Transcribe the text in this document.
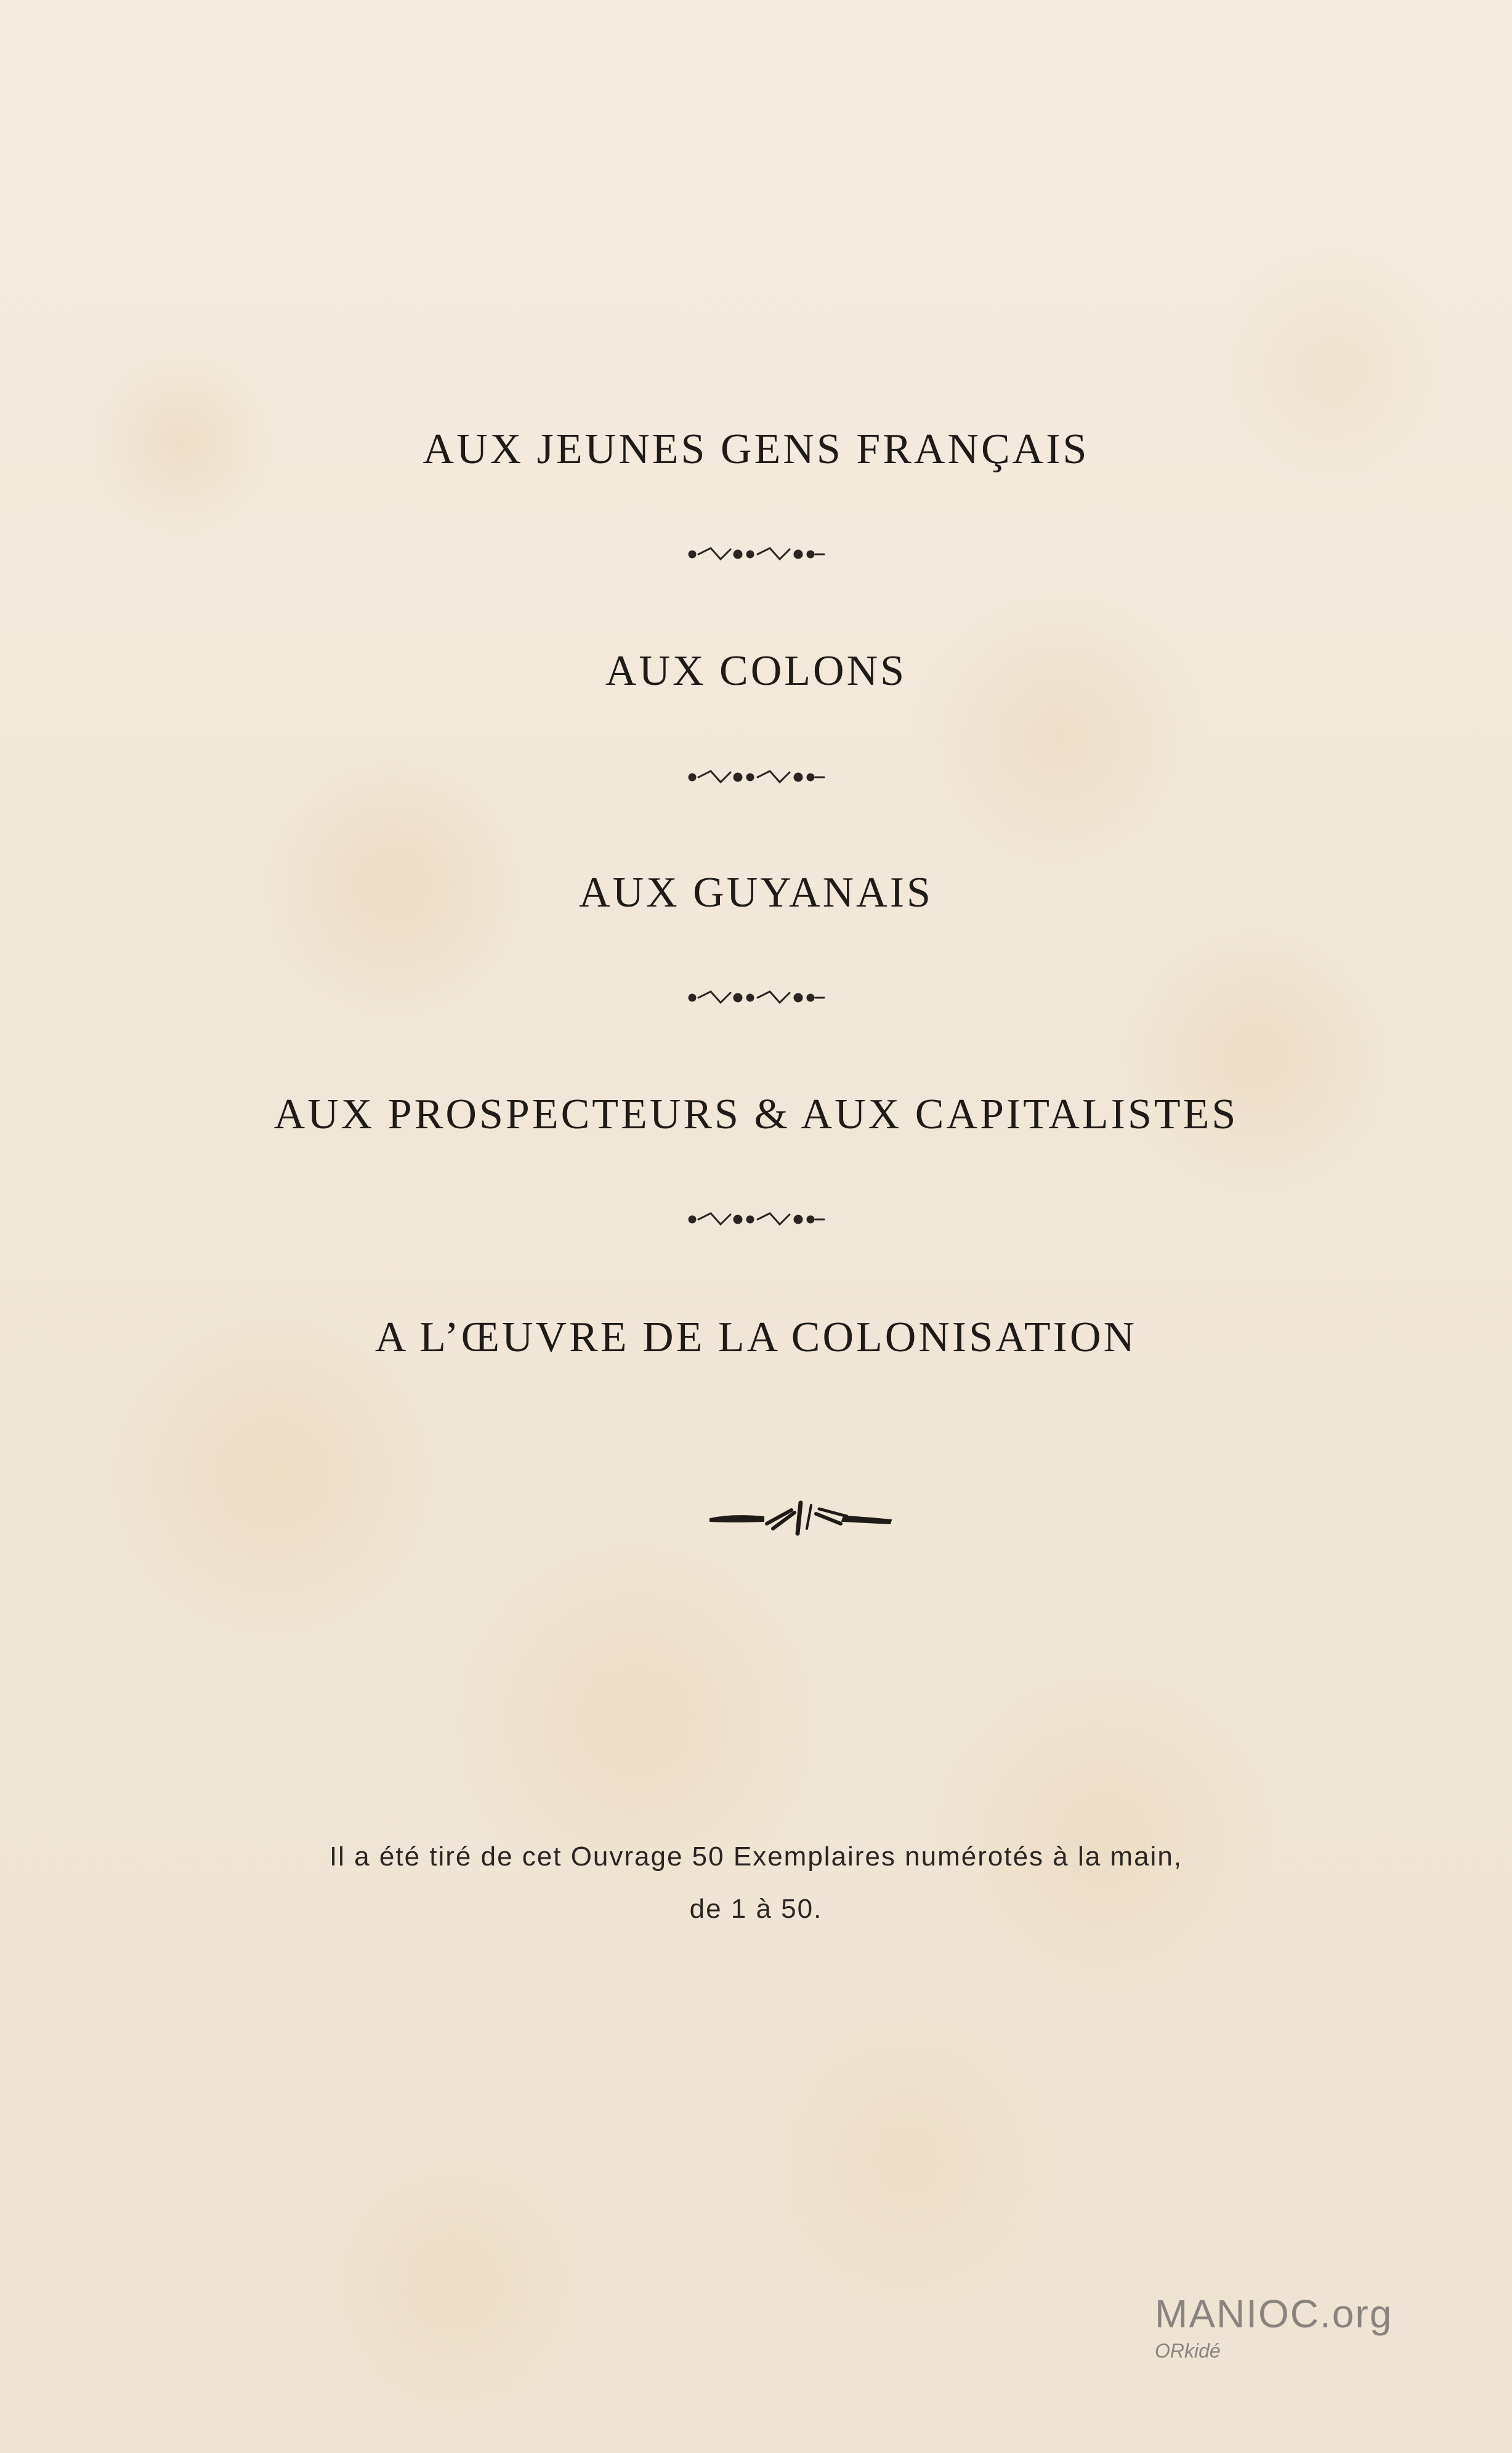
AUX JEUNES GENS FRANÇAIS

AUX COLONS

AUX GUYANAIS

AUX PROSPECTEURS & AUX CAPITALISTES

A L’ŒUVRE DE LA COLONISATION

Il a été tiré de cet Ouvrage 50 Exemplaires numérotés à la main,

de 1 à 50.

MANIOC.org
ORkidé
